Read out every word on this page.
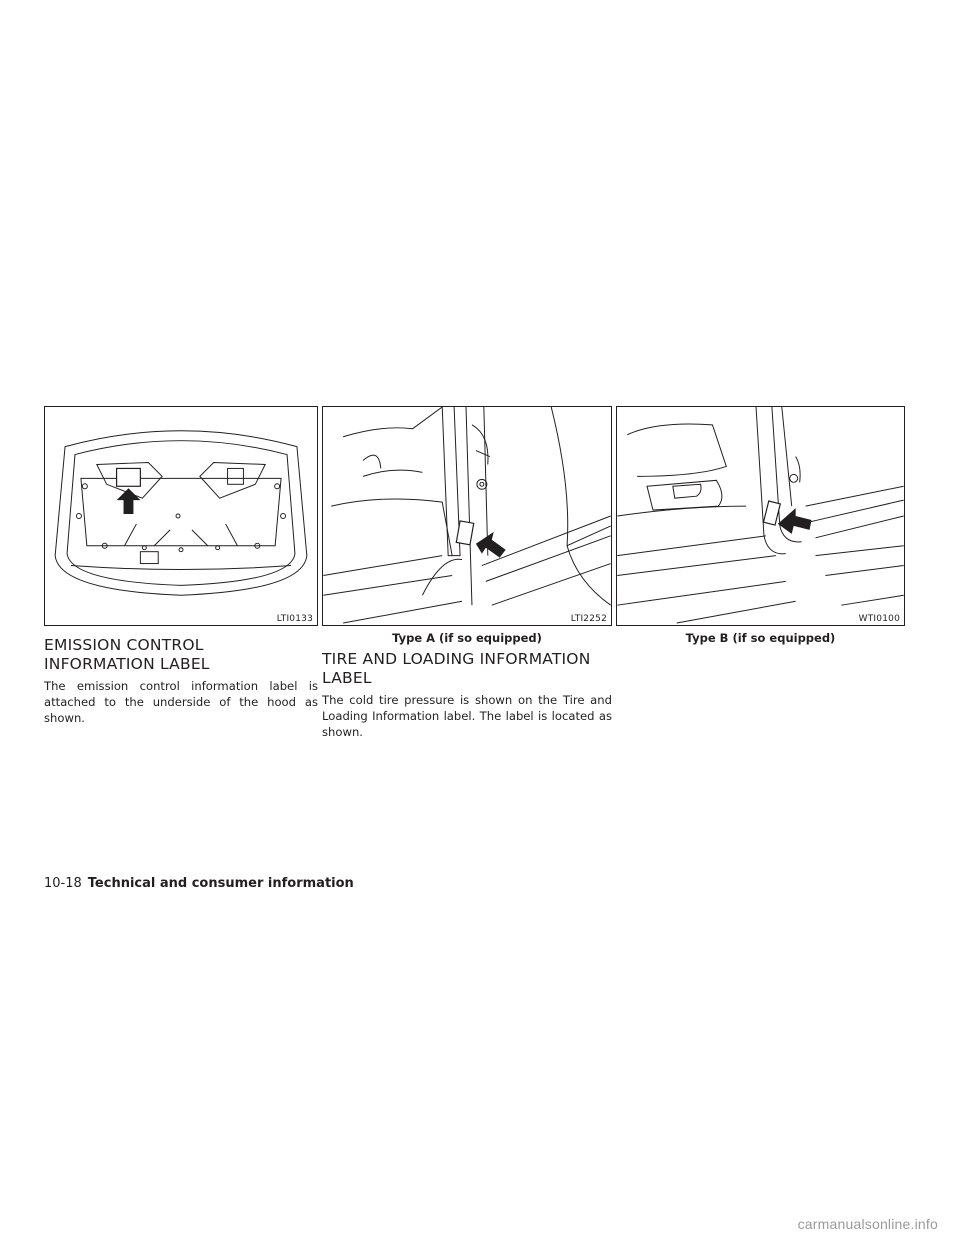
LTI0133	LTI2252	WTI0100
Type A (if so equipped)	Type B (if so equipped)
EMISSION CONTROL
INFORMATION LABEL

The emission control information label is attached to the underside of the hood as shown.

TIRE AND LOADING INFORMATION
LABEL

The cold tire pressure is shown on the Tire and Loading Information label. The label is located as shown.

10-18 Technical and consumer information
carmanualsonline.info
